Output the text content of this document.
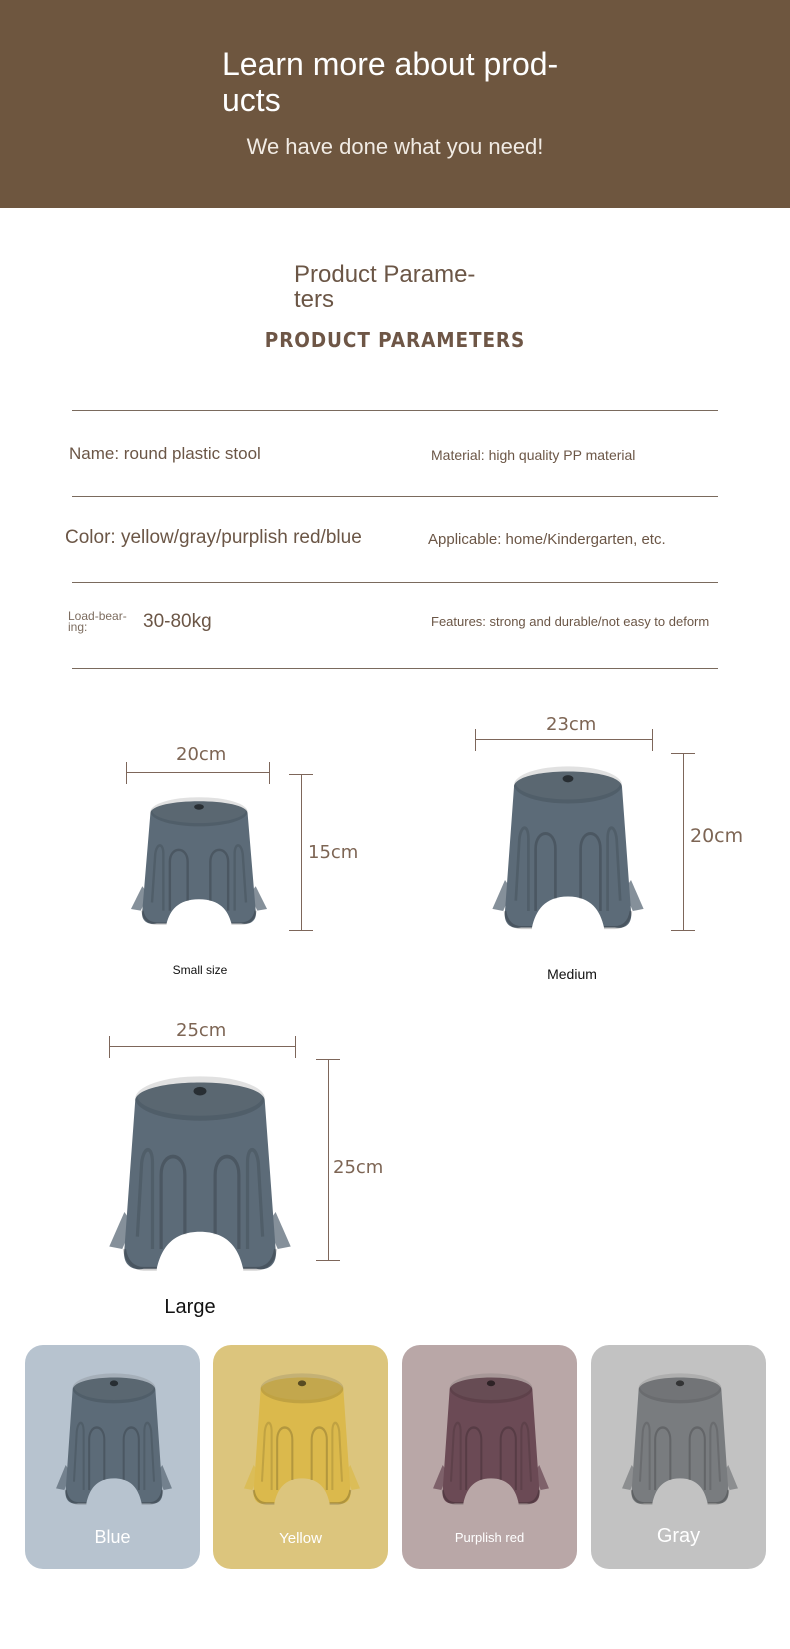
Learn more about prod-
ucts
We have done what you need!
Product Parame-
ters
PRODUCT PARAMETERS
Name: round plastic stool	Material: high quality PP material
Color: yellow/gray/purplish red/blue	Applicable: home/Kindergarten, etc.
Load-bear-
ing:	30-80kg	Features: strong and durable/not easy to deform
20cm
15cm
Small size
23cm
20cm
Medium
25cm
25cm
Large
Blue	Yellow	Purplish red	Gray
